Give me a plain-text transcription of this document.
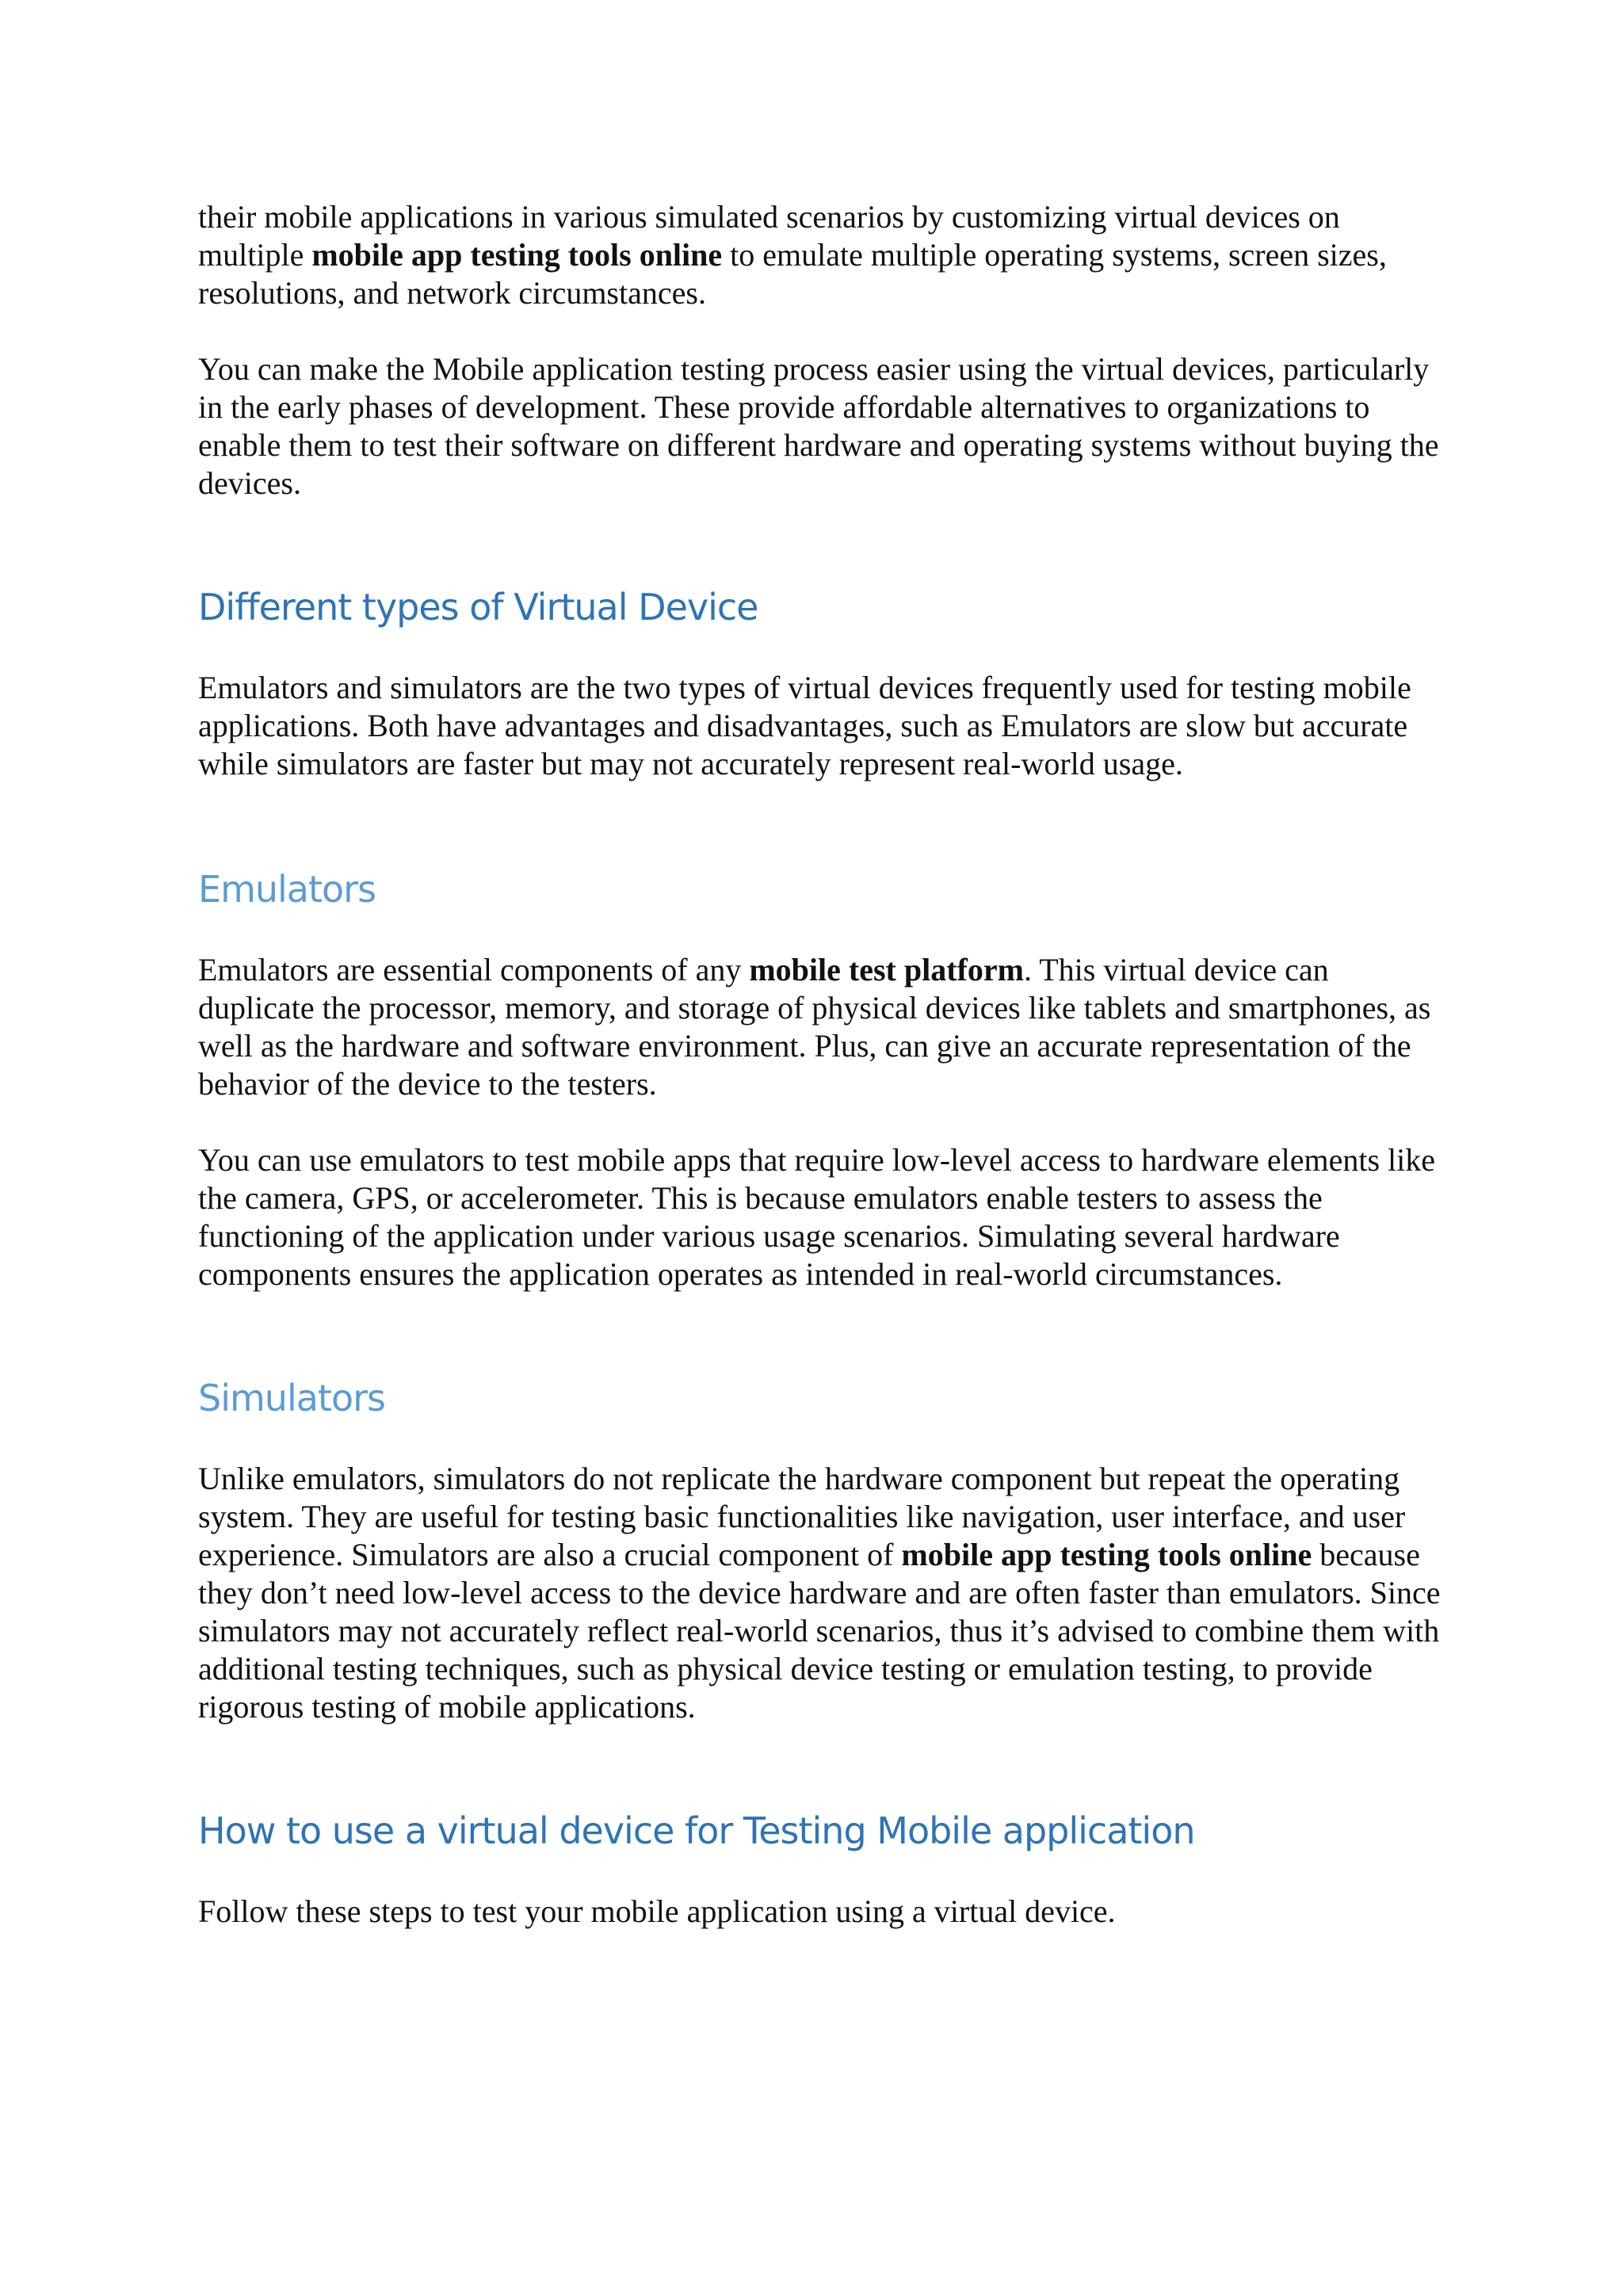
their mobile applications in various simulated scenarios by customizing virtual devices on multiple mobile app testing tools online to emulate multiple operating systems, screen sizes, resolutions, and network circumstances.

You can make the Mobile application testing process easier using the virtual devices, particularly in the early phases of development. These provide affordable alternatives to organizations to enable them to test their software on different hardware and operating systems without buying the devices.

Different types of Virtual Device

Emulators and simulators are the two types of virtual devices frequently used for testing mobile applications. Both have advantages and disadvantages, such as Emulators are slow but accurate while simulators are faster but may not accurately represent real-world usage.

Emulators

Emulators are essential components of any mobile test platform. This virtual device can duplicate the processor, memory, and storage of physical devices like tablets and smartphones, as well as the hardware and software environment. Plus, can give an accurate representation of the behavior of the device to the testers.

You can use emulators to test mobile apps that require low-level access to hardware elements like the camera, GPS, or accelerometer. This is because emulators enable testers to assess the functioning of the application under various usage scenarios. Simulating several hardware components ensures the application operates as intended in real-world circumstances.

Simulators

Unlike emulators, simulators do not replicate the hardware component but repeat the operating system. They are useful for testing basic functionalities like navigation, user interface, and user experience. Simulators are also a crucial component of mobile app testing tools online because they don’t need low-level access to the device hardware and are often faster than emulators. Since simulators may not accurately reflect real-world scenarios, thus it’s advised to combine them with additional testing techniques, such as physical device testing or emulation testing, to provide rigorous testing of mobile applications.

How to use a virtual device for Testing Mobile application

Follow these steps to test your mobile application using a virtual device.
